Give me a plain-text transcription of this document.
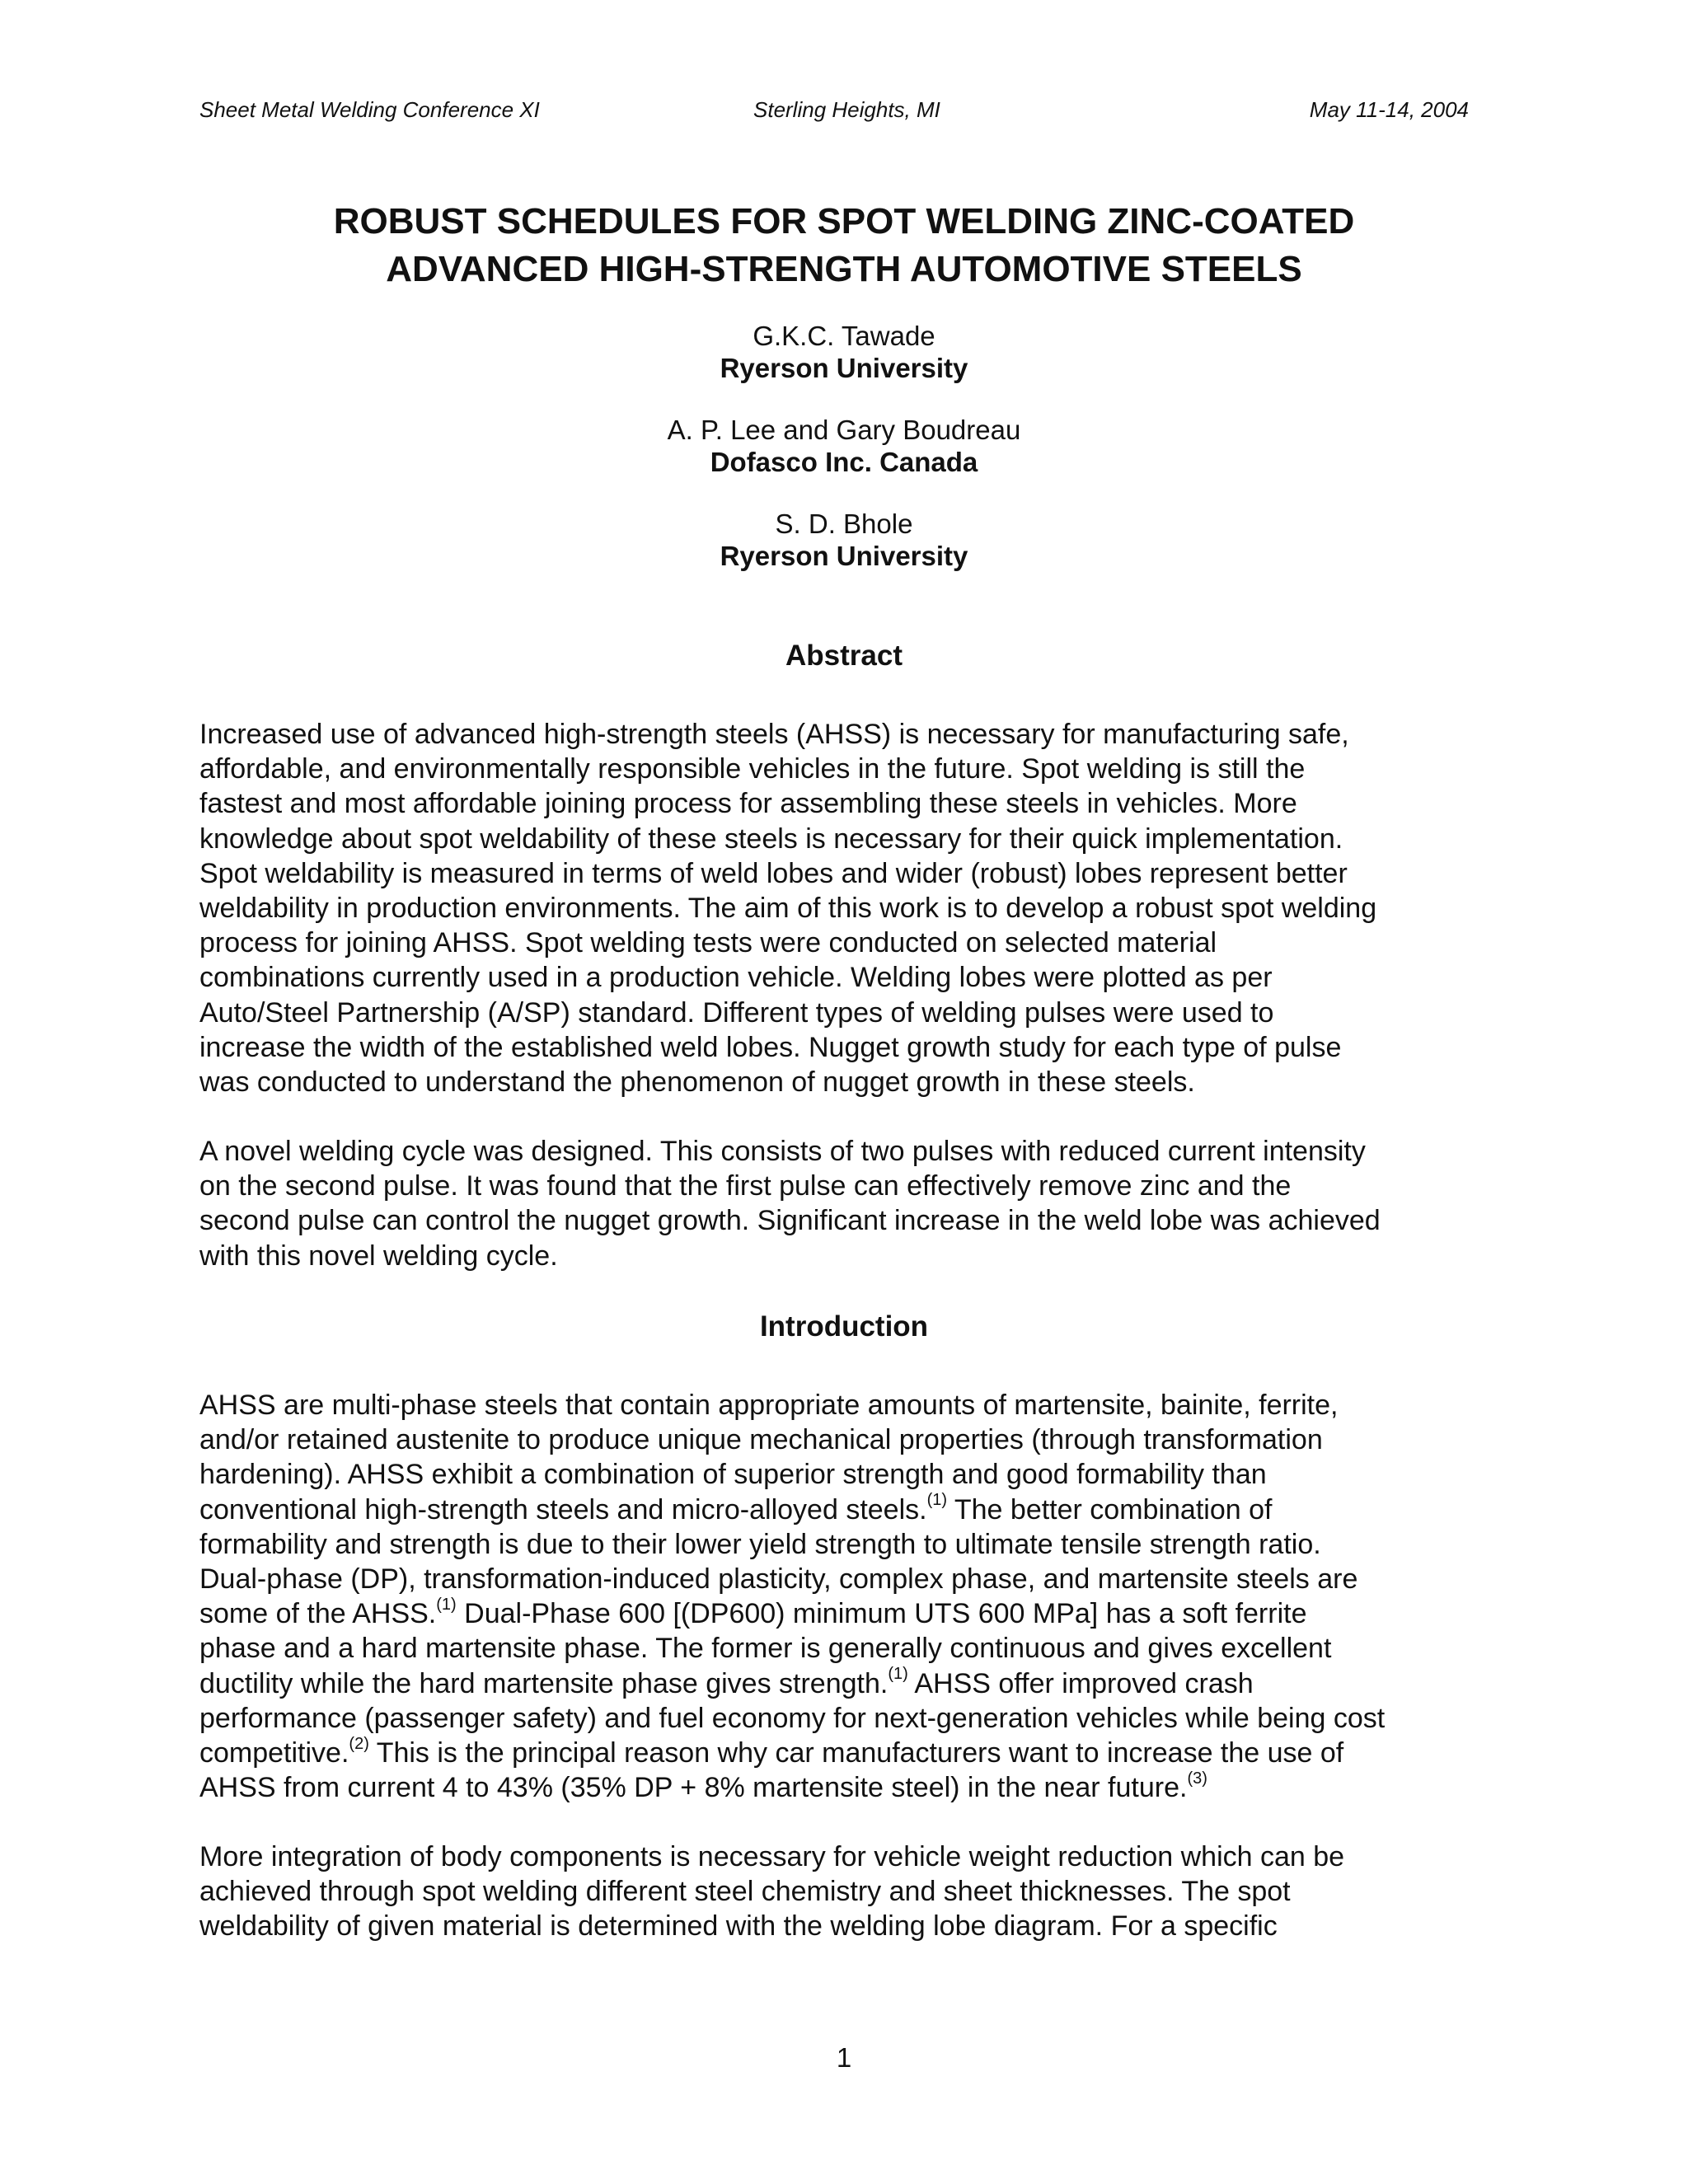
Sheet Metal Welding Conference XI	Sterling Heights, MI	May 11-14, 2004
ROBUST SCHEDULES FOR SPOT WELDING ZINC-COATED
ADVANCED HIGH-STRENGTH AUTOMOTIVE STEELS
G.K.C. Tawade
Ryerson University
A. P. Lee and Gary Boudreau
Dofasco Inc. Canada
S. D. Bhole
Ryerson University
Abstract
Increased use of advanced high-strength steels (AHSS) is necessary for manufacturing safe,
affordable, and environmentally responsible vehicles in the future. Spot welding is still the
fastest and most affordable joining process for assembling these steels in vehicles. More
knowledge about spot weldability of these steels is necessary for their quick implementation.
Spot weldability is measured in terms of weld lobes and wider (robust) lobes represent better
weldability in production environments. The aim of this work is to develop a robust spot welding
process for joining AHSS. Spot welding tests were conducted on selected material
combinations currently used in a production vehicle. Welding lobes were plotted as per
Auto/Steel Partnership (A/SP) standard. Different types of welding pulses were used to
increase the width of the established weld lobes. Nugget growth study for each type of pulse
was conducted to understand the phenomenon of nugget growth in these steels.
A novel welding cycle was designed. This consists of two pulses with reduced current intensity
on the second pulse. It was found that the first pulse can effectively remove zinc and the
second pulse can control the nugget growth. Significant increase in the weld lobe was achieved
with this novel welding cycle.
Introduction
AHSS are multi-phase steels that contain appropriate amounts of martensite, bainite, ferrite,
and/or retained austenite to produce unique mechanical properties (through transformation
hardening). AHSS exhibit a combination of superior strength and good formability than
conventional high-strength steels and micro-alloyed steels.$^{(1)}$ The better combination of
formability and strength is due to their lower yield strength to ultimate tensile strength ratio.
Dual-phase (DP), transformation-induced plasticity, complex phase, and martensite steels are
some of the AHSS.$^{(1)}$ Dual-Phase 600 [(DP600) minimum UTS 600 MPa] has a soft ferrite
phase and a hard martensite phase. The former is generally continuous and gives excellent
ductility while the hard martensite phase gives strength.$^{(1)}$ AHSS offer improved crash
performance (passenger safety) and fuel economy for next-generation vehicles while being cost
competitive.$^{(2)}$ This is the principal reason why car manufacturers want to increase the use of
AHSS from current 4 to 43% (35% DP + 8% martensite steel) in the near future.$^{(3)}$
More integration of body components is necessary for vehicle weight reduction which can be
achieved through spot welding different steel chemistry and sheet thicknesses. The spot
weldability of given material is determined with the welding lobe diagram. For a specific
1
